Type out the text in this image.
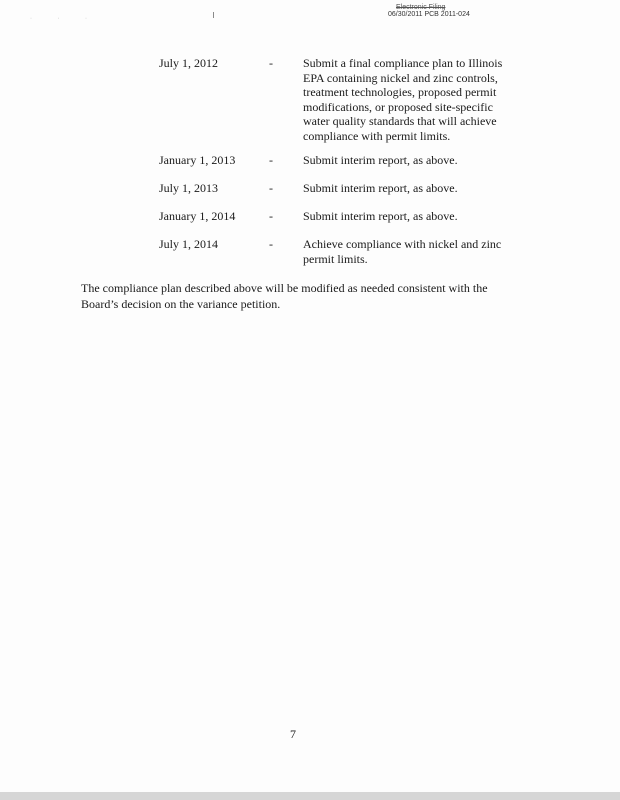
· · ·
Electronic Filing
06/30/2011 PCB 2011-024
July 1, 2012	-	Submit a final compliance plan to Illinois
EPA containing nickel and zinc controls,
treatment technologies, proposed permit
modifications, or proposed site-specific
water quality standards that will achieve
compliance with permit limits.
January 1, 2013	-	Submit interim report, as above.
July 1, 2013	-	Submit interim report, as above.
January 1, 2014	-	Submit interim report, as above.
July 1, 2014	-	Achieve compliance with nickel and zinc
permit limits.
The compliance plan described above will be modified as needed consistent with the
Board’s decision on the variance petition.
7
